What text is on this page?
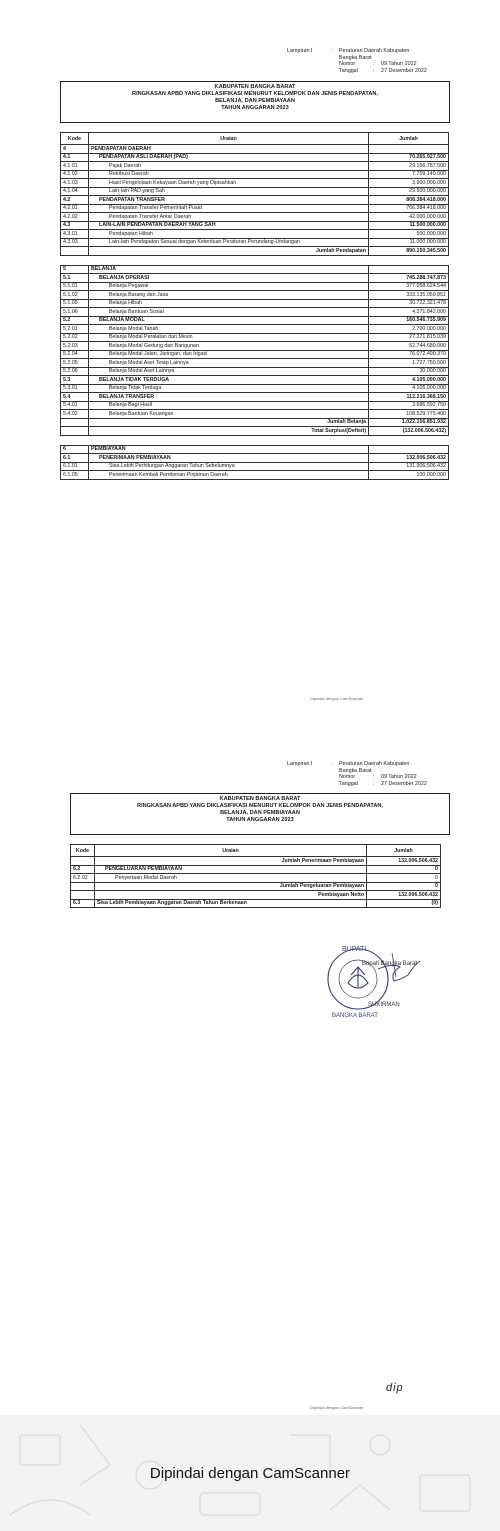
Lampiran I	:	Peraturan Daerah Kabupaten
Bangka Barat
Nomor	:	09 Tahun 2022
Tanggal	:	27 Desember 2022
KABUPATEN BANGKA BARAT
RINGKASAN APBD YANG DIKLASIFIKASI MENURUT KELOMPOK DAN JENIS PENDAPATAN,
BELANJA, DAN PEMBIAYAAN
TAHUN ANGGARAN 2023
Kode	Uraian	Jumlah
4	PENDAPATAN DAERAH	
4.1	PENDAPATAN ASLI DAERAH (PAD)	70.265.927.500
4.1.01	Pajak Daerah	29.156.787.500
4.1.02	Retribusi Daerah	7.709.140.000
4.1.03	Hasil Pengelolaan Kekayaan Daerah yang Dipisahkan	3.900.000.000
4.1.04	Lain-lain PAD yang Sah	29.500.000.000
4.2	PENDAPATAN TRANSFER	808.384.418.000
4.2.01	Pendapatan Transfer Pemerintah Pusat	766.384.418.000
4.2.02	Pendapatan Transfer Antar Daerah	42.000.000.000
4.3	LAIN-LAIN PENDAPATAN DAERAH YANG SAH	11.500.000.000
4.3.01	Pendapatan Hibah	500.000.000
4.3.03	Lain-lain Pendapatan Sesuai dengan Ketentuan Peraturan Perundang-Undangan	11.000.000.000
	Jumlah Pendapatan	890.150.345.500

5	BELANJA	
5.1	BELANJA OPERASI	745.288.747.873
5.1.01	Belanja Pegawai	377.058.624.544
5.1.02	Belanja Barang dan Jasa	333.135.959.851
5.1.05	Belanja Hibah	30.722.321.478
5.1.06	Belanja Bantuan Sosial	4.371.842.000
5.2	BELANJA MODAL	160.546.735.909
5.2.01	Belanja Modal Tanah	2.700.000.000
5.2.02	Belanja Modal Peralatan dan Mesin	27.271.815.039
5.2.03	Belanja Modal Gedung dan Bangunan	52.744.680.000
5.2.04	Belanja Modal Jalan, Jaringan, dan Irigasi	76.072.490.370
5.2.05	Belanja Modal Aset Tetap Lainnya	1.727.750.500
5.2.06	Belanja Modal Aset Lainnya	30.000.000
5.3	BELANJA TIDAK TERDUGA	4.105.000.000
5.3.01	Belanja Tidak Terduga	4.105.000.000
5.4	BELANJA TRANSFER	112.216.368.150
5.4.01	Belanja Bagi Hasil	3.686.592.750
5.4.02	Belanja Bantuan Keuangan	108.529.775.400
	Jumlah Belanja	1.022.156.851.932
	Total Surplus/(Defisit)	(132.006.506.432)

6	PEMBIAYAAN	
6.1	PENERIMAAN PEMBIAYAAN	132.006.506.432
6.1.01	Sisa Lebih Perhitungan Anggaran Tahun Sebelumnya	131.906.506.432
6.1.05	Penerimaan Kembali Pemberian Pinjaman Daerah	100.000.000
Dipindai dengan CamScanner
Lampiran I	:	Peraturan Daerah Kabupaten
Bangka Barat
Nomor	:	09 Tahun 2022
Tanggal	:	27 Desember 2022
KABUPATEN BANGKA BARAT
RINGKASAN APBD YANG DIKLASIFIKASI MENURUT KELOMPOK DAN JENIS PENDAPATAN,
BELANJA, DAN PEMBIAYAAN
TAHUN ANGGARAN 2023
Kode	Uraian	Jumlah
	Jumlah Penerimaan Pembiayaan	132.006.506.432
6.2	PENGELUARAN PEMBIAYAAN	0
6.2.02	Penyertaan Modal Daerah	0
	Jumlah Pengeluaran Pembiayaan	0
	Pembiayaan Netto	132.006.506.432
6.3	Sisa Lebih Pembiayaan Anggaran Daerah Tahun Berkenaan	(0)
BUPATI
BANGKA BARAT
Bupati Bangka Barat
SUKIRMAN
dip
Dipindai dengan CamScanner
Dipindai dengan CamScanner
